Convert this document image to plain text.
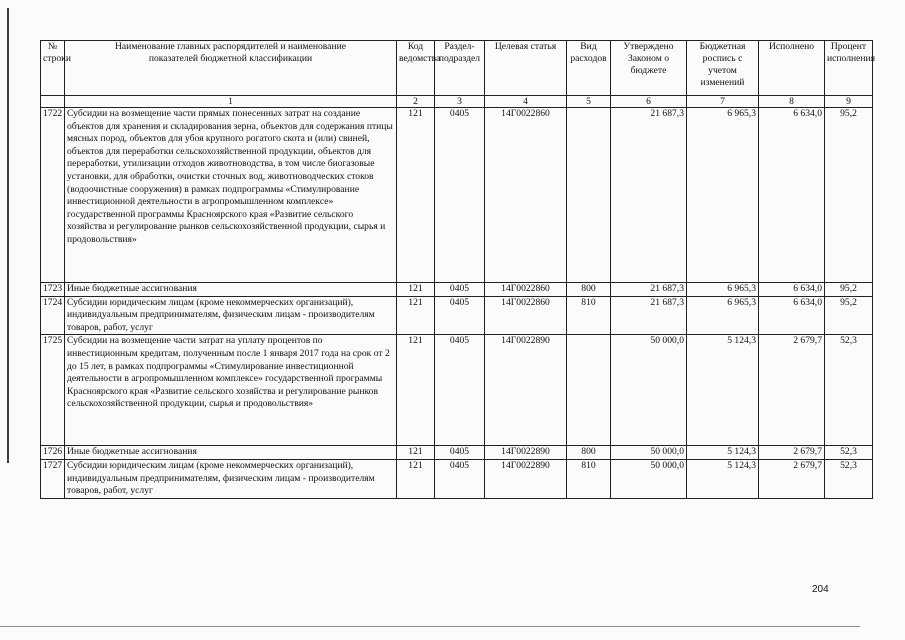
№ строки	Наименование главных распорядителей и наименование показателей бюджетной классификации	Код ведомства	Раздел-подраздел	Целевая статья	Вид расходов	Утверждено Законом о бюджете	Бюджетная роспись с учетом изменений	Исполнено	Процент исполнения
	1	2	3	4	5	6	7	8	9
1722	Субсидии на возмещение части прямых понесенных затрат на создание объектов для хранения и складирования зерна, объектов для содержания птицы мясных пород, объектов для убоя крупного рогатого скота и (или) свиней, объектов для переработки сельскохозяйственной продукции, объектов для переработки, утилизации отходов животноводства, в том числе биогазовые установки, для обработки, очистки сточных вод, животноводческих стоков (водоочистные сооружения) в рамках подпрограммы «Стимулирование инвестиционной деятельности в агропромышленном комплексе» государственной программы Красноярского края «Развитие сельского хозяйства и регулирование рынков сельскохозяйственной продукции, сырья и продовольствия»	121	0405	14Г0022860		21 687,3	6 965,3	6 634,0	95,2
1723	Иные бюджетные ассигнования	121	0405	14Г0022860	800	21 687,3	6 965,3	6 634,0	95,2
1724	Субсидии юридическим лицам (кроме некоммерческих организаций), индивидуальным предпринимателям, физическим лицам - производителям товаров, работ, услуг	121	0405	14Г0022860	810	21 687,3	6 965,3	6 634,0	95,2
1725	Субсидии на возмещение части затрат на уплату процентов по инвестиционным кредитам, полученным после 1 января 2017 года на срок от 2 до 15 лет, в рамках подпрограммы «Стимулирование инвестиционной деятельности в агропромышленном комплексе» государственной программы Красноярского края «Развитие сельского хозяйства и регулирование рынков сельскохозяйственной продукции, сырья и продовольствия»	121	0405	14Г0022890		50 000,0	5 124,3	2 679,7	52,3
1726	Иные бюджетные ассигнования	121	0405	14Г0022890	800	50 000,0	5 124,3	2 679,7	52,3
1727	Субсидии юридическим лицам (кроме некоммерческих организаций), индивидуальным предпринимателям, физическим лицам - производителям товаров, работ, услуг	121	0405	14Г0022890	810	50 000,0	5 124,3	2 679,7	52,3
204
